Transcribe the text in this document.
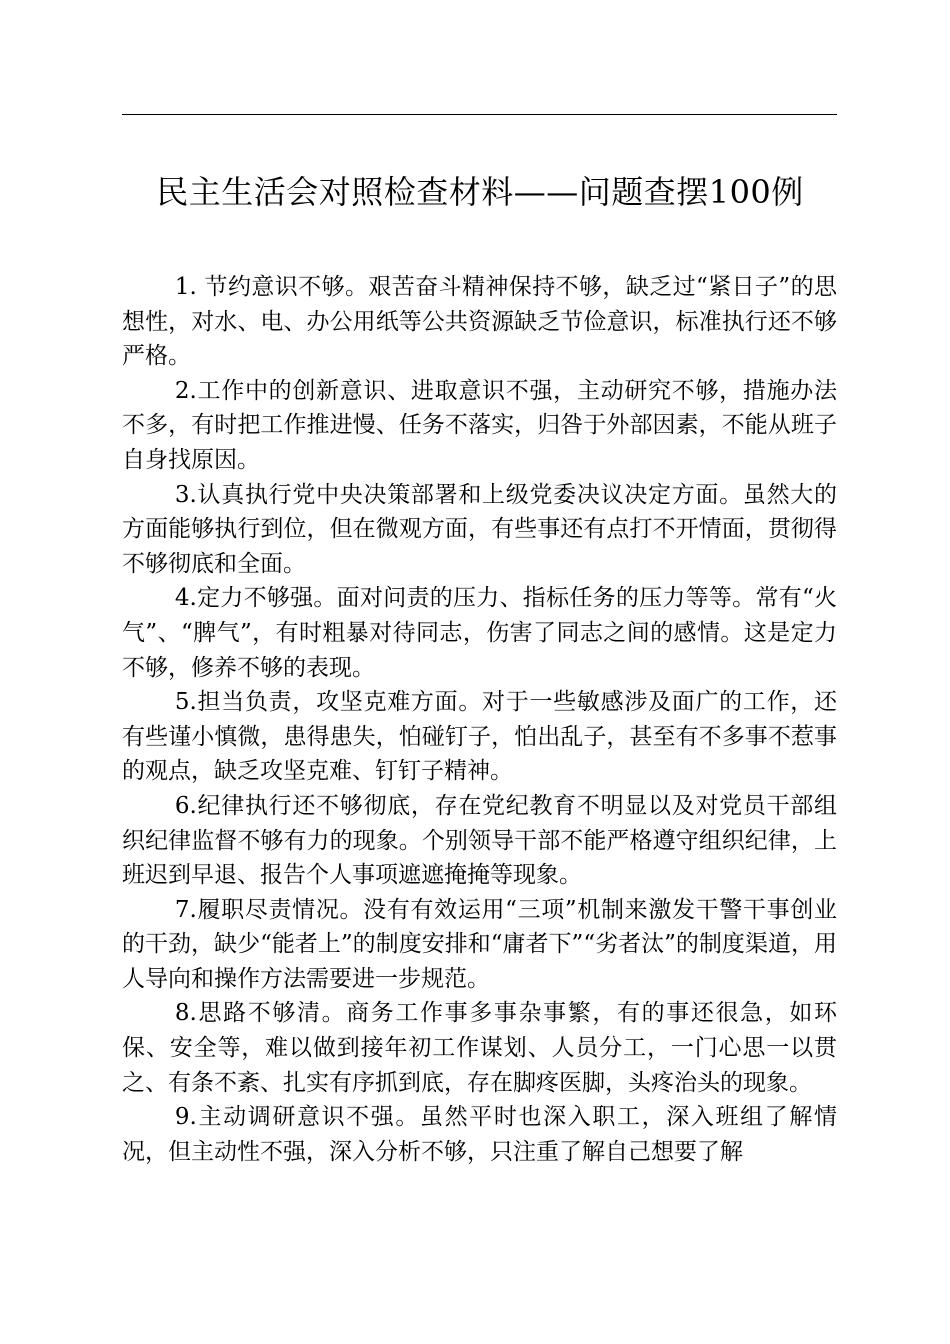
民主生活会对照检查材料——问题查摆100例

1. 节约意识不够。艰苦奋斗精神保持不够，缺乏过“紧日子”的思想性，对水、电、办公用纸等公共资源缺乏节俭意识，标准执行还不够严格。

2.工作中的创新意识、进取意识不强，主动研究不够，措施办法不多，有时把工作推进慢、任务不落实，归咎于外部因素，不能从班子自身找原因。

3.认真执行党中央决策部署和上级党委决议决定方面。虽然大的方面能够执行到位，但在微观方面，有些事还有点打不开情面，贯彻得不够彻底和全面。

4.定力不够强。面对问责的压力、指标任务的压力等等。常有“火气”、“脾气”，有时粗暴对待同志，伤害了同志之间的感情。这是定力不够，修养不够的表现。

5.担当负责，攻坚克难方面。对于一些敏感涉及面广的工作，还有些谨小慎微，患得患失，怕碰钉子，怕出乱子，甚至有不多事不惹事的观点，缺乏攻坚克难、钉钉子精神。

6.纪律执行还不够彻底，存在党纪教育不明显以及对党员干部组织纪律监督不够有力的现象。个别领导干部不能严格遵守组织纪律，上班迟到早退、报告个人事项遮遮掩掩等现象。

7.履职尽责情况。没有有效运用“三项”机制来激发干警干事创业的干劲，缺少“能者上”的制度安排和“庸者下”“劣者汰”的制度渠道，用人导向和操作方法需要进一步规范。

8.思路不够清。商务工作事多事杂事繁，有的事还很急，如环保、安全等，难以做到接年初工作谋划、人员分工，一门心思一以贯之、有条不紊、扎实有序抓到底，存在脚疼医脚，头疼治头的现象。

9.主动调研意识不强。虽然平时也深入职工，深入班组了解情况，但主动性不强，深入分析不够，只注重了解自己想要了解
